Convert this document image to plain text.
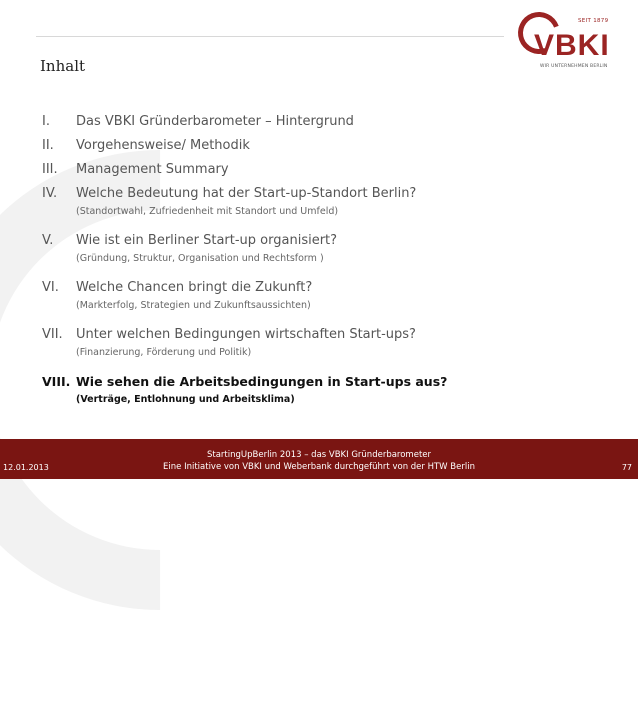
Inhalt
SEIT 1879
VBKI
WIR UNTERNEHMEN BERLIN
I. Das VBKI Gründerbarometer – Hintergrund
II. Vorgehensweise/ Methodik
III. Management Summary
IV. Welche Bedeutung hat der Start-up-Standort Berlin?
(Standortwahl, Zufriedenheit mit Standort und Umfeld)
V. Wie ist ein Berliner Start-up organisiert?
(Gründung, Struktur, Organisation und Rechtsform )
VI. Welche Chancen bringt die Zukunft?
(Markterfolg, Strategien und Zukunftsaussichten)
VII. Unter welchen Bedingungen wirtschaften Start-ups?
(Finanzierung, Förderung und Politik)
VIII. Wie sehen die Arbeitsbedingungen in Start-ups aus?
(Verträge, Entlohnung und Arbeitsklima)
StartingUpBerlin 2013 – das VBKI Gründerbarometer
Eine Initiative von VBKI und Weberbank durchgeführt von der HTW Berlin
12.01.2013	77
